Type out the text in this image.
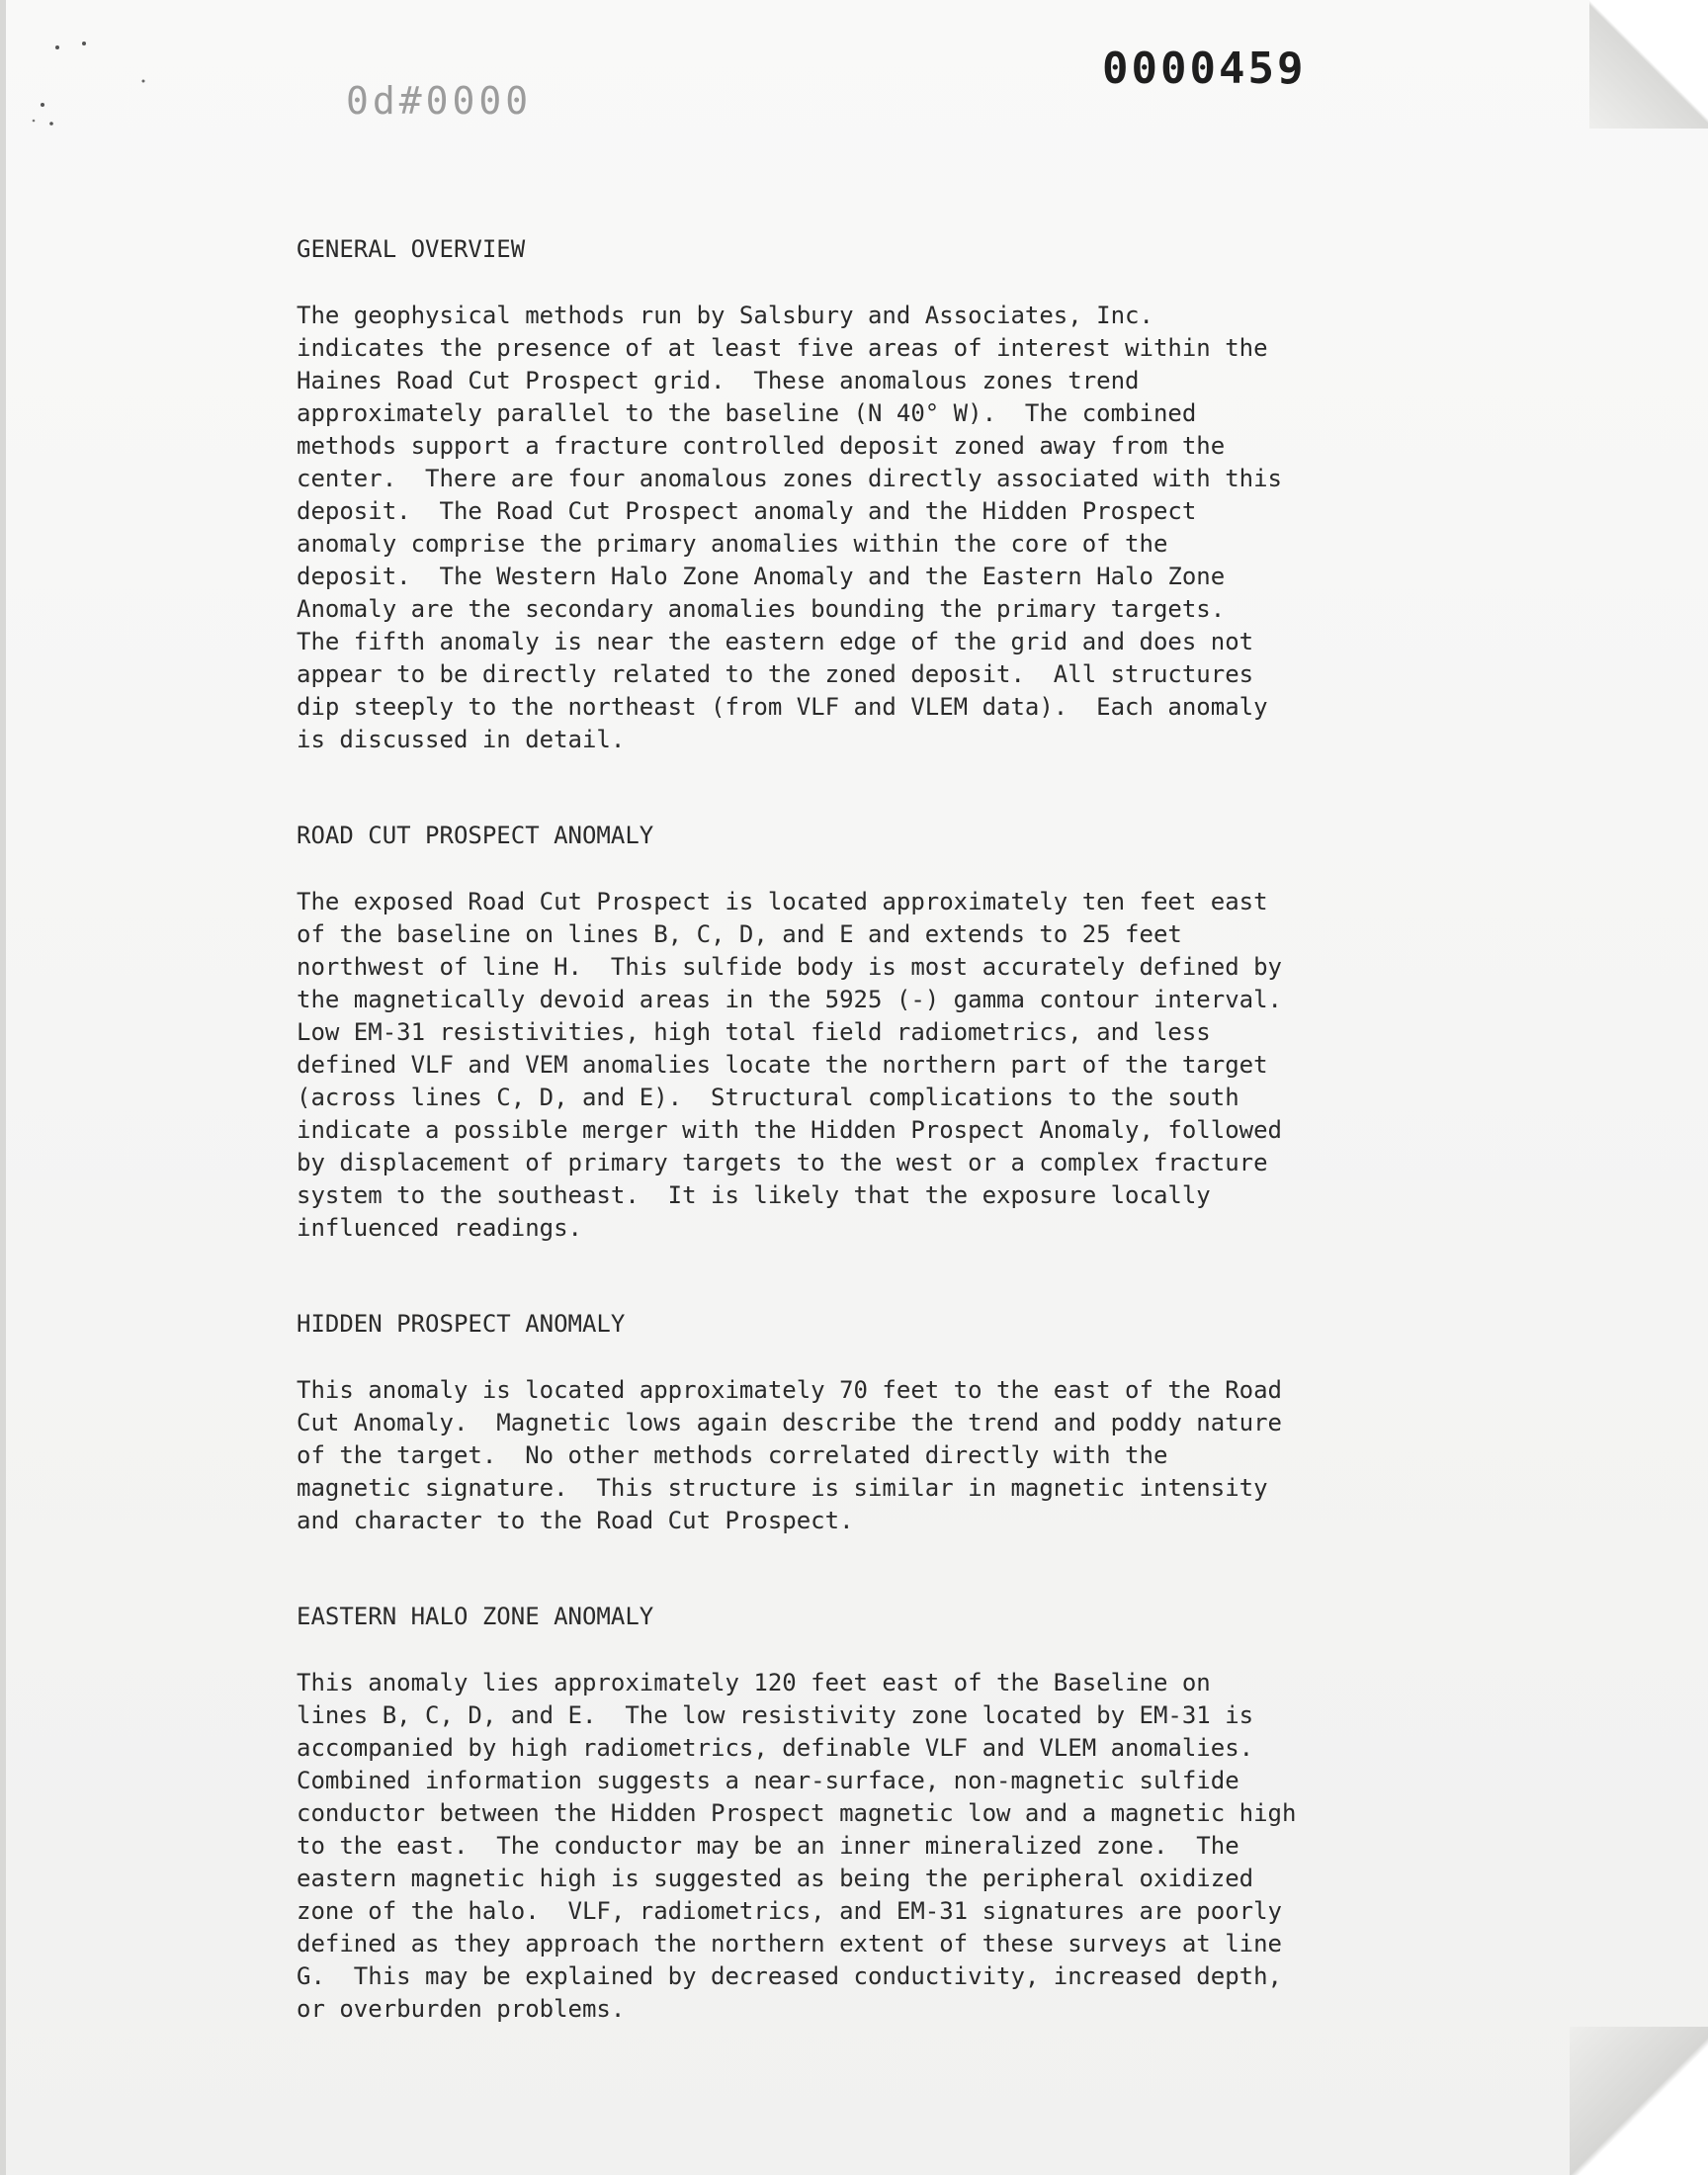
0000459
0d#0000

GENERAL OVERVIEW

The geophysical methods run by Salsbury and Associates, Inc.

indicates the presence of at least five areas of interest within the

Haines Road Cut Prospect grid.  These anomalous zones trend

approximately parallel to the baseline (N 40° W).  The combined

methods support a fracture controlled deposit zoned away from the

center.  There are four anomalous zones directly associated with this

deposit.  The Road Cut Prospect anomaly and the Hidden Prospect

anomaly comprise the primary anomalies within the core of the

deposit.  The Western Halo Zone Anomaly and the Eastern Halo Zone

Anomaly are the secondary anomalies bounding the primary targets.

The fifth anomaly is near the eastern edge of the grid and does not

appear to be directly related to the zoned deposit.  All structures

dip steeply to the northeast (from VLF and VLEM data).  Each anomaly

is discussed in detail.

ROAD CUT PROSPECT ANOMALY

The exposed Road Cut Prospect is located approximately ten feet east

of the baseline on lines B, C, D, and E and extends to 25 feet

northwest of line H.  This sulfide body is most accurately defined by

the magnetically devoid areas in the 5925 (-) gamma contour interval.

Low EM-31 resistivities, high total field radiometrics, and less

defined VLF and VEM anomalies locate the northern part of the target

(across lines C, D, and E).  Structural complications to the south

indicate a possible merger with the Hidden Prospect Anomaly, followed

by displacement of primary targets to the west or a complex fracture

system to the southeast.  It is likely that the exposure locally

influenced readings.

HIDDEN PROSPECT ANOMALY

This anomaly is located approximately 70 feet to the east of the Road

Cut Anomaly.  Magnetic lows again describe the trend and poddy nature

of the target.  No other methods correlated directly with the

magnetic signature.  This structure is similar in magnetic intensity

and character to the Road Cut Prospect.

EASTERN HALO ZONE ANOMALY

This anomaly lies approximately 120 feet east of the Baseline on

lines B, C, D, and E.  The low resistivity zone located by EM-31 is

accompanied by high radiometrics, definable VLF and VLEM anomalies.

Combined information suggests a near-surface, non-magnetic sulfide

conductor between the Hidden Prospect magnetic low and a magnetic high

to the east.  The conductor may be an inner mineralized zone.  The

eastern magnetic high is suggested as being the peripheral oxidized

zone of the halo.  VLF, radiometrics, and EM-31 signatures are poorly

defined as they approach the northern extent of these surveys at line

G.  This may be explained by decreased conductivity, increased depth,

or overburden problems.
